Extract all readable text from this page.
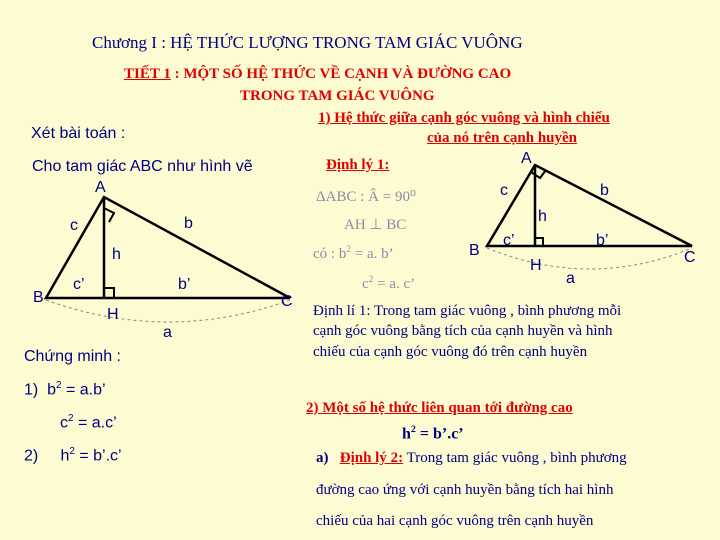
Chương I : HỆ THỨC LƯỢNG TRONG TAM GIÁC VUÔNG
TIẾT 1 : MỘT SỐ HỆ THỨC VỀ CẠNH VÀ ĐƯỜNG CAO
TRONG TAM GIÁC VUÔNG
1) Hệ thức giữa cạnh góc vuông và hình chiếu
của nó trên cạnh huyền
Xét bài toán :
Cho tam giác ABC như hình vẽ
A
c	b
h
c’	b’
B
H
C
a
Chứng minh :
1) $b^2 = a.b$’
$c^2 = a.c$’
2) $h^2$ = b’.c’
Định lý 1:
ΔABC : Â = 90⁰
AH ⊥ BC
có : $b^2 = a$. b’
$c^2 = a$. c’
A
c	b
h
c’	b’
B
H	C
a
Định lí 1: Trong tam giác vuông , bình phương mỗi
cạnh góc vuông bằng tích của cạnh huyền và hình
chiếu của cạnh góc vuông đó trên cạnh huyền
2) Một số hệ thức liên quan tới đường cao
$h^2$ = b’.c’
a) Định lý 2: Trong tam giác vuông , bình phương
đường cao ứng với cạnh huyền bằng tích hai hình
chiếu của hai cạnh góc vuông trên cạnh huyền
